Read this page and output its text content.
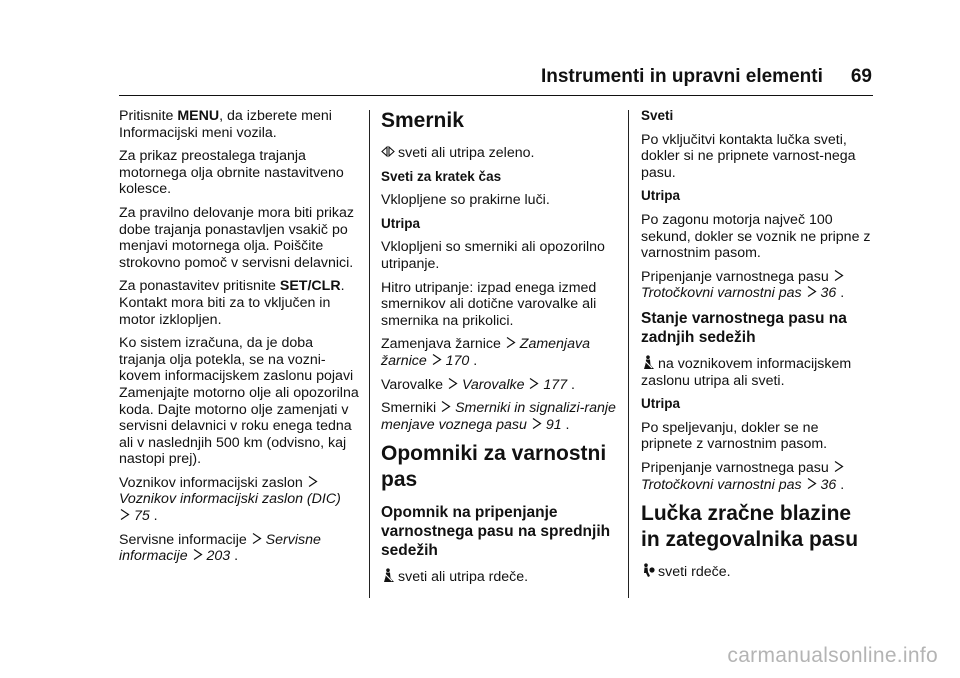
Instrumenti in upravni elementi 69

Pritisnite MENU, da izberete meni Informacijski meni vozila.

Za prikaz preostalega trajanja motornega olja obrnite nastavitveno kolesce.

Za pravilno delovanje mora biti prikaz dobe trajanja ponastavljen vsakič po menjavi motornega olja. Poiščite strokovno pomoč v servisni delavnici.

Za ponastavitev pritisnite SET/CLR. Kontakt mora biti za to vključen in motor izklopljen.

Ko sistem izračuna, da je doba trajanja olja potekla, se na vozni-kovem informacijskem zaslonu pojavi Zamenjajte motorno olje ali opozorilna koda. Dajte motorno olje zamenjati v servisni delavnici v roku enega tedna ali v naslednjih 500 km (odvisno, kaj nastopi prej).

Voznikov informacijski zaslon

Voznikov informacijski zaslon (DIC)

75 .

Servisne informacije Servisne informacije 203 .

Smernik

sveti ali utripa zeleno.

Sveti za kratek čas

Vklopljene so prakirne luči.

Utripa

Vklopljeni so smerniki ali opozorilno utripanje.

Hitro utripanje: izpad enega izmed smernikov ali dotične varovalke ali smernika na prikolici.

Zamenjava žarnice Zamenjava žarnice 170 .

Varovalke Varovalke 177 .

Smerniki Smerniki in signalizi-ranje menjave voznega pasu 91 .

Opomniki za varnostni pas
Opomnik na pripenjanje varnostnega pasu na sprednjih sedežih

sveti ali utripa rdeče.

Sveti

Po vključitvi kontakta lučka sveti, dokler si ne pripnete varnost-nega pasu.

Utripa

Po zagonu motorja največ 100 sekund, dokler se voznik ne pripne z varnostnim pasom.

Pripenjanje varnostnega pasu

Trotočkovni varnostni pas 36 .

Stanje varnostnega pasu na zadnjih sedežih

na voznikovem informacijskem zaslonu utripa ali sveti.

Utripa

Po speljevanju, dokler se ne pripnete z varnostnim pasom.

Pripenjanje varnostnega pasu

Trotočkovni varnostni pas 36 .

Lučka zračne blazine in zategovalnika pasu

sveti rdeče.

carmanualsonline.info
